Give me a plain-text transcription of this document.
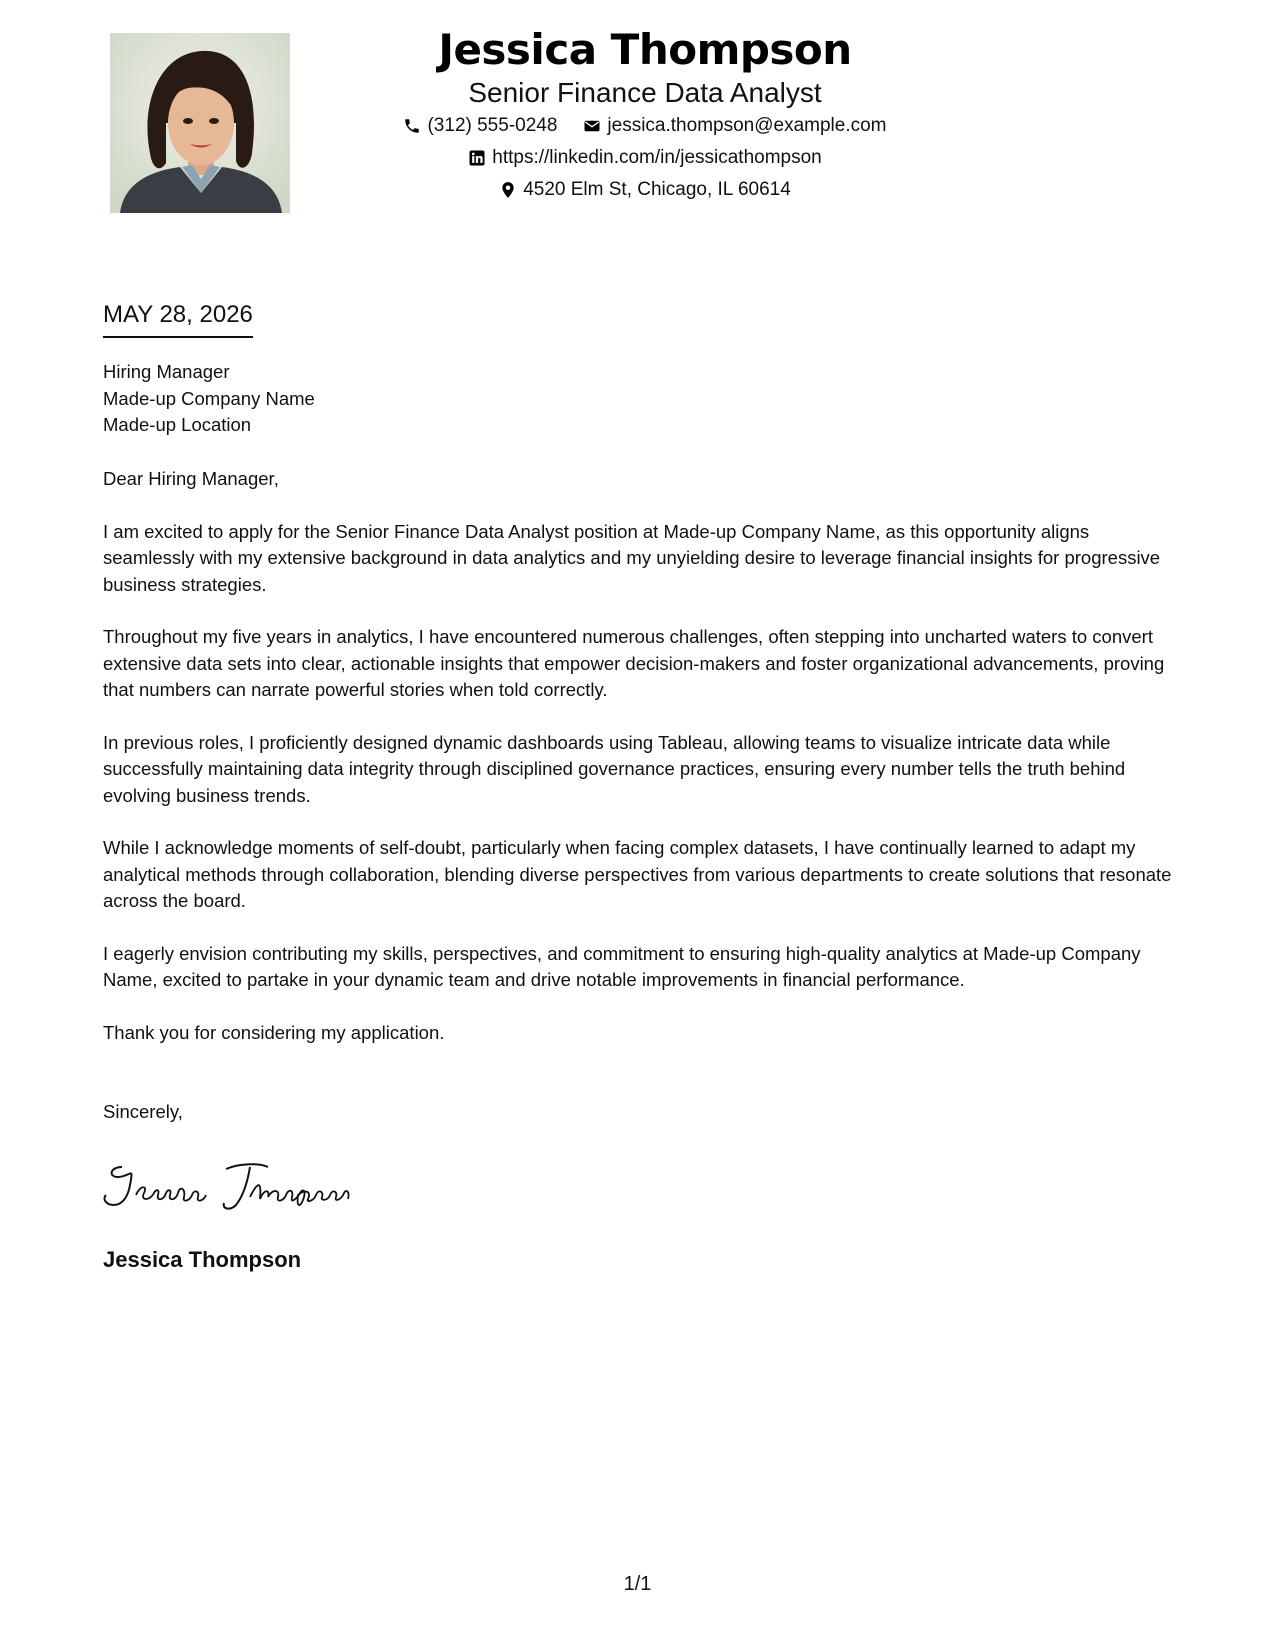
Jessica Thompson
Senior Finance Data Analyst
(312) 555-0248	jessica.thompson@example.com
https://linkedin.com/in/jessicathompson
4520 Elm St, Chicago, IL 60614
MAY 28, 2026
Hiring Manager
Made-up Company Name
Made-up Location

Dear Hiring Manager,

I am excited to apply for the Senior Finance Data Analyst position at Made-up Company Name, as this opportunity aligns seamlessly with my extensive background in data analytics and my unyielding desire to leverage financial insights for progressive business strategies.

Throughout my five years in analytics, I have encountered numerous challenges, often stepping into uncharted waters to convert extensive data sets into clear, actionable insights that empower decision-makers and foster organizational advancements, proving that numbers can narrate powerful stories when told correctly.

In previous roles, I proficiently designed dynamic dashboards using Tableau, allowing teams to visualize intricate data while successfully maintaining data integrity through disciplined governance practices, ensuring every number tells the truth behind evolving business trends.

While I acknowledge moments of self-doubt, particularly when facing complex datasets, I have continually learned to adapt my analytical methods through collaboration, blending diverse perspectives from various departments to create solutions that resonate across the board.

I eagerly envision contributing my skills, perspectives, and commitment to ensuring high-quality analytics at Made-up Company Name, excited to partake in your dynamic team and drive notable improvements in financial performance.

Thank you for considering my application.

Sincerely,
Jessica Thompson
1/1
